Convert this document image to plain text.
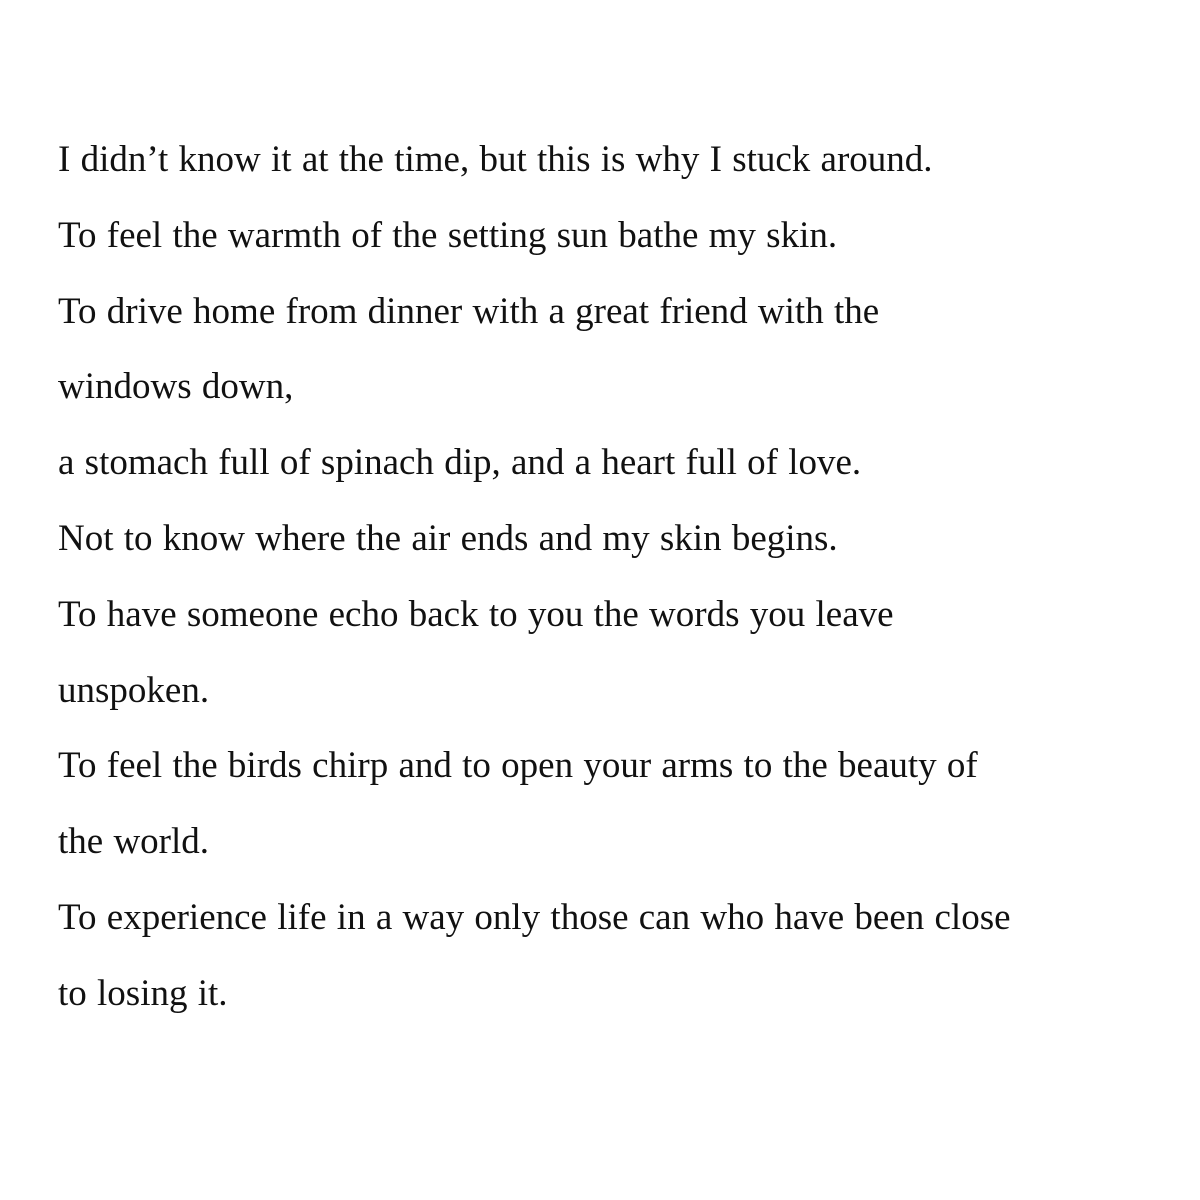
I didn’t know it at the time, but this is why I stuck around.
To feel the warmth of the setting sun bathe my skin.
To drive home from dinner with a great friend with the
windows down,
a stomach full of spinach dip, and a heart full of love.
Not to know where the air ends and my skin begins.
To have someone echo back to you the words you leave
unspoken.
To feel the birds chirp and to open your arms to the beauty of
the world.
To experience life in a way only those can who have been close
to losing it.
